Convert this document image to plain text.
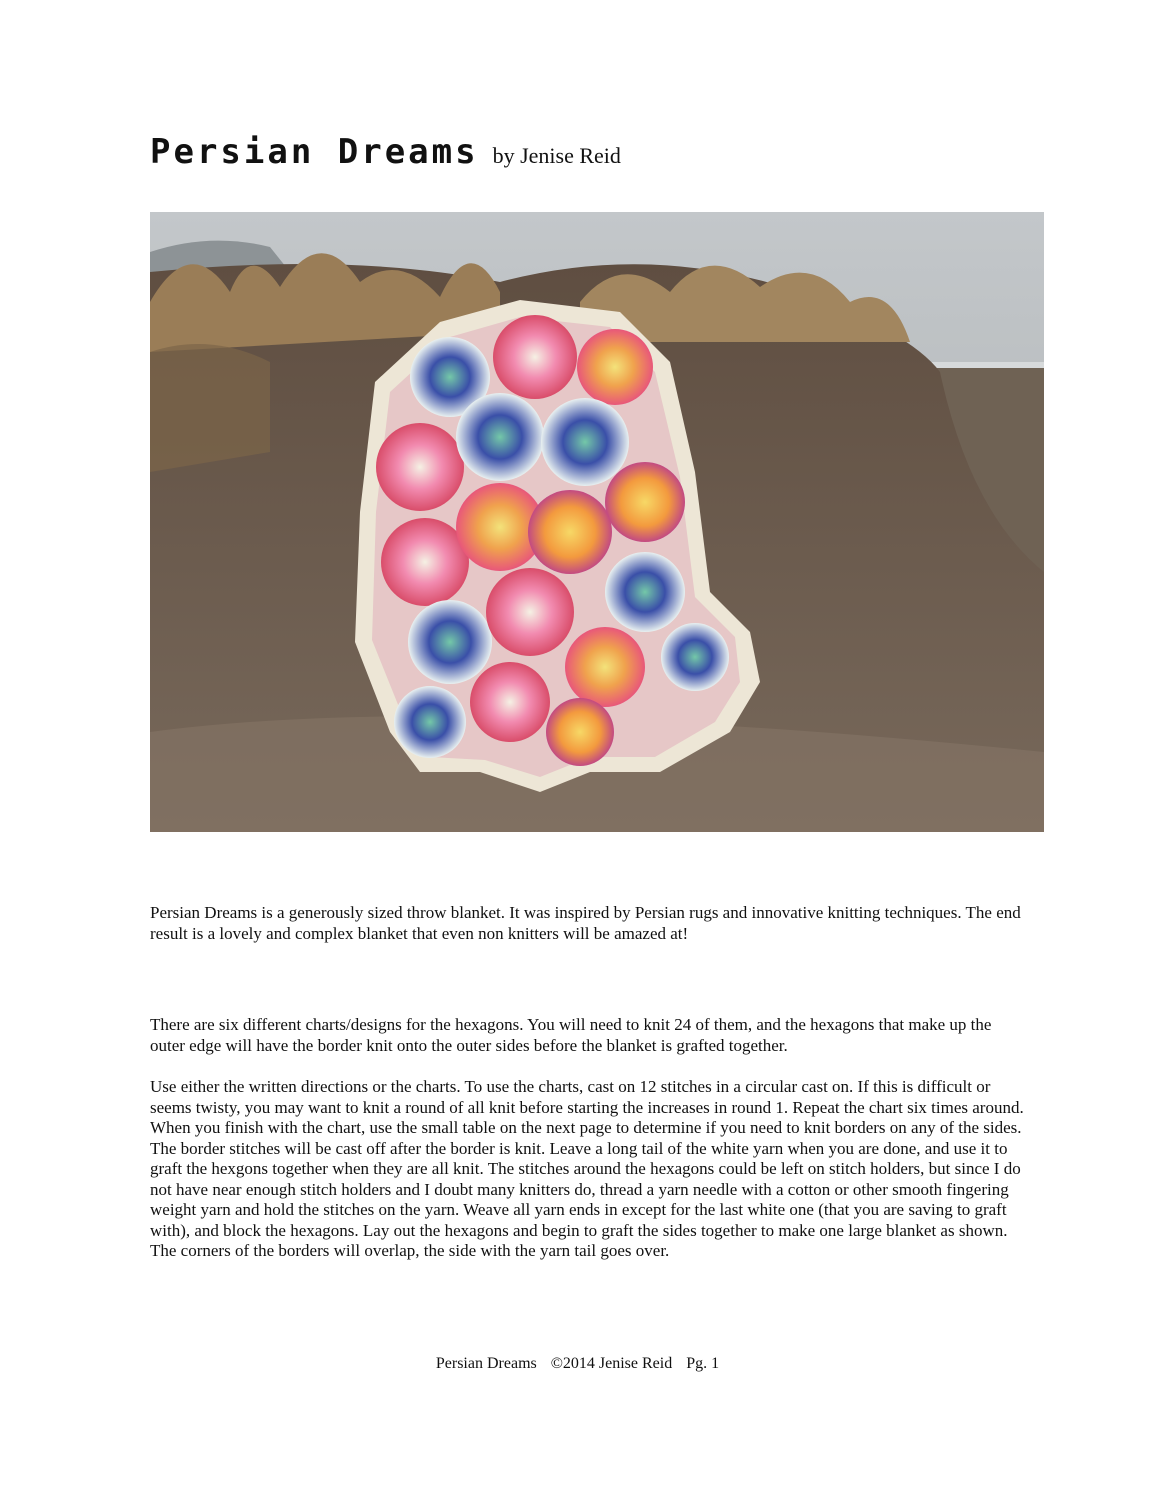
Persian Dreams by Jenise Reid
Persian Dreams is a generously sized throw blanket. It was inspired by Persian rugs and innovative knitting techniques. The end result is a lovely and complex blanket that even non knitters will be amazed at!
There are six different charts/designs for the hexagons. You will need to knit 24 of them, and the hexagons that make up the outer edge will have the border knit onto the outer sides before the blanket is grafted together.
Use either the written directions or the charts. To use the charts, cast on 12 stitches in a circular cast on. If this is difficult or seems twisty, you may want to knit a round of all knit before starting the increases in round 1. Repeat the chart six times around. When you finish with the chart, use the small table on the next page to determine if you need to knit borders on any of the sides. The border stitches will be cast off after the border is knit. Leave a long tail of the white yarn when you are done, and use it to graft the hexgons together when they are all knit. The stitches around the hexagons could be left on stitch holders, but since I do not have near enough stitch holders and I doubt many knitters do, thread a yarn needle with a cotton or other smooth fingering weight yarn and hold the stitches on the yarn. Weave all yarn ends in except for the last white one (that you are saving to graft with), and block the hexagons. Lay out the hexagons and begin to graft the sides together to make one large blanket as shown. The corners of the borders will overlap, the side with the yarn tail goes over.
Persian Dreams ©2014 Jenise Reid Pg. 1
